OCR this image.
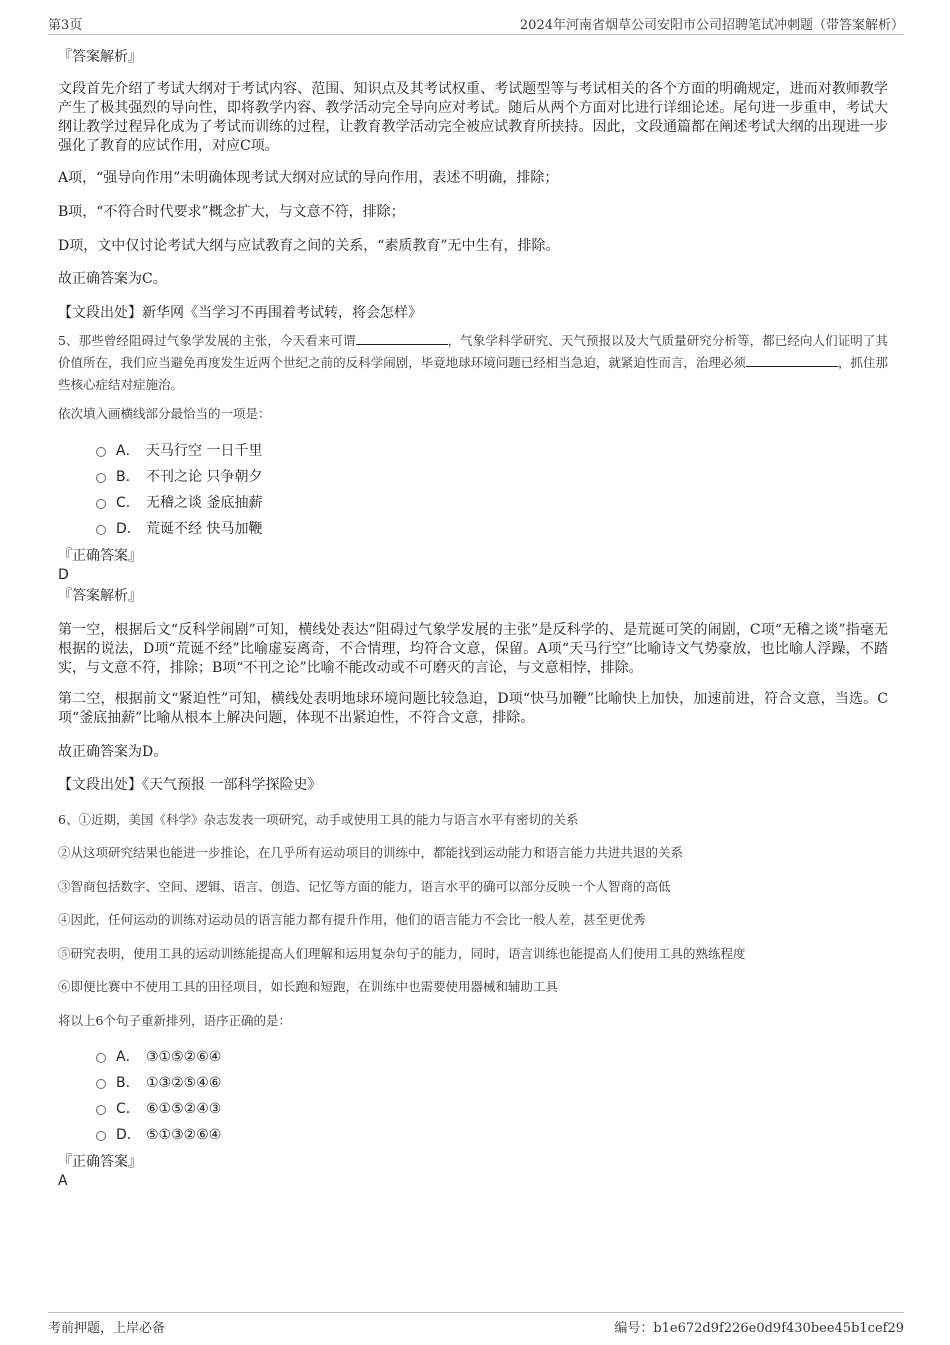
第3页	2024年河南省烟草公司安阳市公司招聘笔试冲刺题（带答案解析）
『答案解析』
文段首先介绍了考试大纲对于考试内容、范围、知识点及其考试权重、考试题型等与考试相关的各个方面的明确规定，进而对教师教学产生了极其强烈的导向性，即将教学内容、教学活动完全导向应对考试。随后从两个方面对比进行详细论述。尾句进一步重申，考试大纲让教学过程异化成为了考试而训练的过程，让教育教学活动完全被应试教育所挟持。因此，文段通篇都在阐述考试大纲的出现进一步强化了教育的应试作用，对应C项。
A项，“强导向作用”未明确体现考试大纲对应试的导向作用，表述不明确，排除；
B项，“不符合时代要求”概念扩大，与文意不符，排除；
D项，文中仅讨论考试大纲与应试教育之间的关系，“素质教育”无中生有，排除。
故正确答案为C。
【文段出处】新华网《当学习不再围着考试转，将会怎样》
5、那些曾经阻碍过气象学发展的主张，今天看来可谓	，气象学科学研究、天气预报以及大气质量研究分析等，都已经向人们证明了其价值所在，我们应当避免再度发生近两个世纪之前的反科学闹剧，毕竟地球环境问题已经相当急迫，就紧迫性而言，治理必须	，抓住那些核心症结对症施治。
依次填入画横线部分最恰当的一项是：
A． 天马行空 一日千里
B． 不刊之论 只争朝夕
C． 无稽之谈 釜底抽薪
D． 荒诞不经 快马加鞭
『正确答案』
D
『答案解析』
第一空，根据后文“反科学闹剧”可知，横线处表达“阻碍过气象学发展的主张”是反科学的、是荒诞可笑的闹剧，C项“无稽之谈”指毫无根据的说法，D项“荒诞不经”比喻虚妄离奇，不合情理，均符合文意，保留。A项“天马行空”比喻诗文气势豪放，也比喻人浮躁，不踏实，与文意不符，排除；B项“不刊之论”比喻不能改动或不可磨灭的言论，与文意相悖，排除。
第二空，根据前文“紧迫性”可知，横线处表明地球环境问题比较急迫，D项“快马加鞭”比喻快上加快，加速前进，符合文意，当选。C项“釜底抽薪”比喻从根本上解决问题，体现不出紧迫性，不符合文意，排除。
故正确答案为D。
【文段出处】《天气预报 一部科学探险史》
6、①近期，美国《科学》杂志发表一项研究，动手或使用工具的能力与语言水平有密切的关系
②从这项研究结果也能进一步推论，在几乎所有运动项目的训练中，都能找到运动能力和语言能力共进共退的关系
③智商包括数字、空间、逻辑、语言、创造、记忆等方面的能力，语言水平的确可以部分反映一个人智商的高低
④因此，任何运动的训练对运动员的语言能力都有提升作用，他们的语言能力不会比一般人差，甚至更优秀
⑤研究表明，使用工具的运动训练能提高人们理解和运用复杂句子的能力，同时，语言训练也能提高人们使用工具的熟练程度
⑥即便比赛中不使用工具的田径项目，如长跑和短跑，在训练中也需要使用器械和辅助工具
将以上6个句子重新排列，语序正确的是：
A． ③①⑤②⑥④
B． ①③②⑤④⑥
C． ⑥①⑤②④③
D． ⑤①③②⑥④
『正确答案』
A
考前押题，上岸必备	编号：b1e672d9f226e0d9f430bee45b1cef29
